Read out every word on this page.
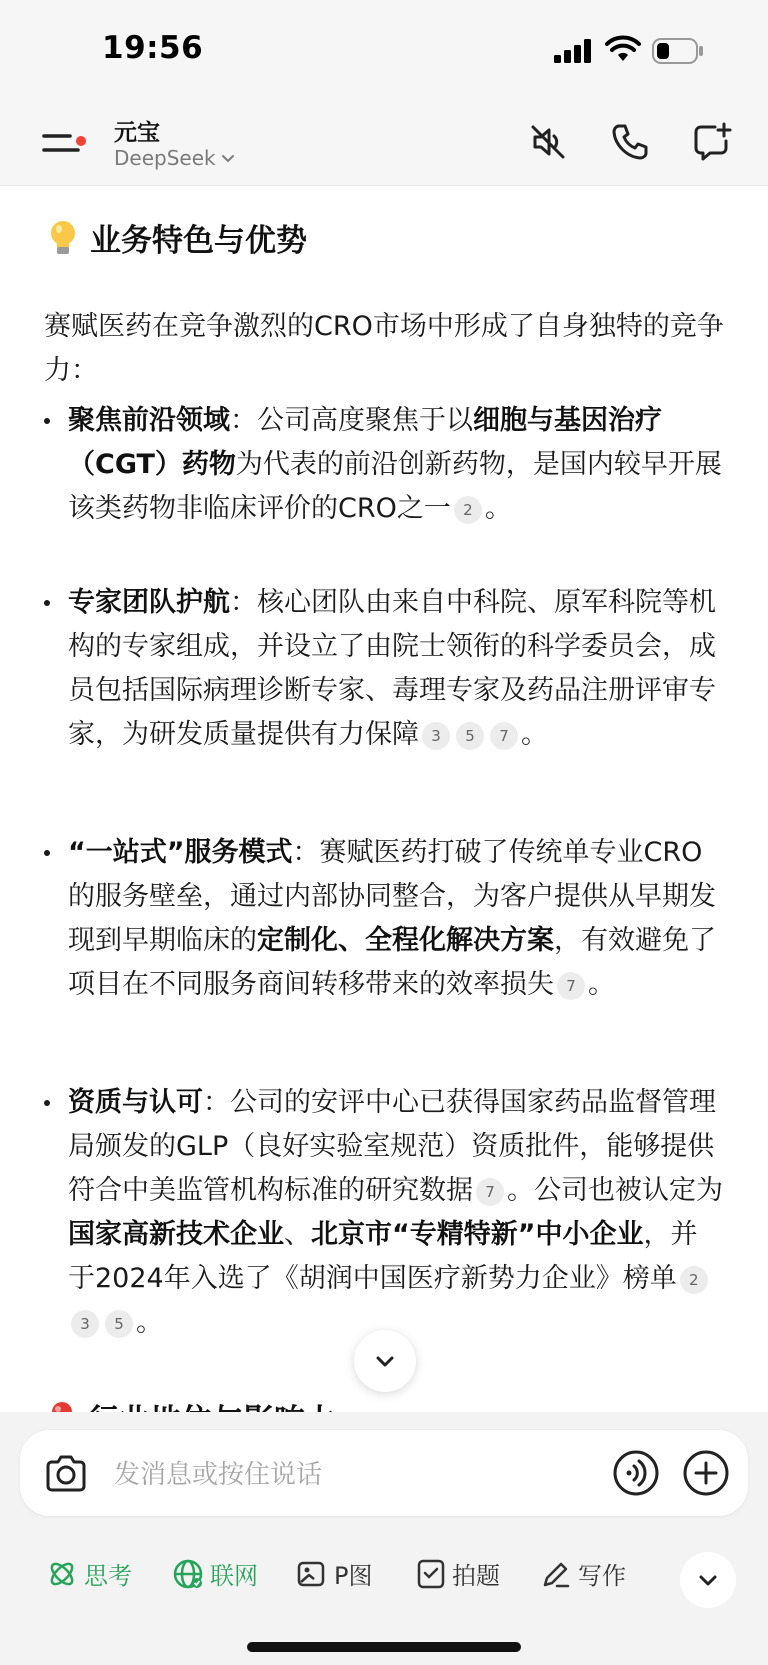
19:56
元宝
DeepSeek
业务特色与优势
赛赋医药在竞争激烈的CRO市场中形成了自身独特的竞争力：
聚焦前沿领域：公司高度聚焦于以细胞与基因治疗（CGT）药物为代表的前沿创新药物，是国内较早开展该类药物非临床评价的CRO之一 2 。
专家团队护航：核心团队由来自中科院、原军科院等机构的专家组成，并设立了由院士领衔的科学委员会，成员包括国际病理诊断专家、毒理专家及药品注册评审专家，为研发质量提供有力保障 3 5 7 。
“一站式”服务模式：赛赋医药打破了传统单专业CRO的服务壁垒，通过内部协同整合，为客户提供从早期发现到早期临床的定制化、全程化解决方案，有效避免了项目在不同服务商间转移带来的效率损失 7 。
资质与认可：公司的安评中心已获得国家药品监督管理局颁发的GLP（良好实验室规范）资质批件，能够提供符合中美监管机构标准的研究数据 7 。公司也被认定为国家高新技术企业、北京市“专精特新”中小企业，并于2024年入选了《胡润中国医疗新势力企业》榜单 23 5 。
发消息或按住说话
思考	联网	P图	拍题	写作
